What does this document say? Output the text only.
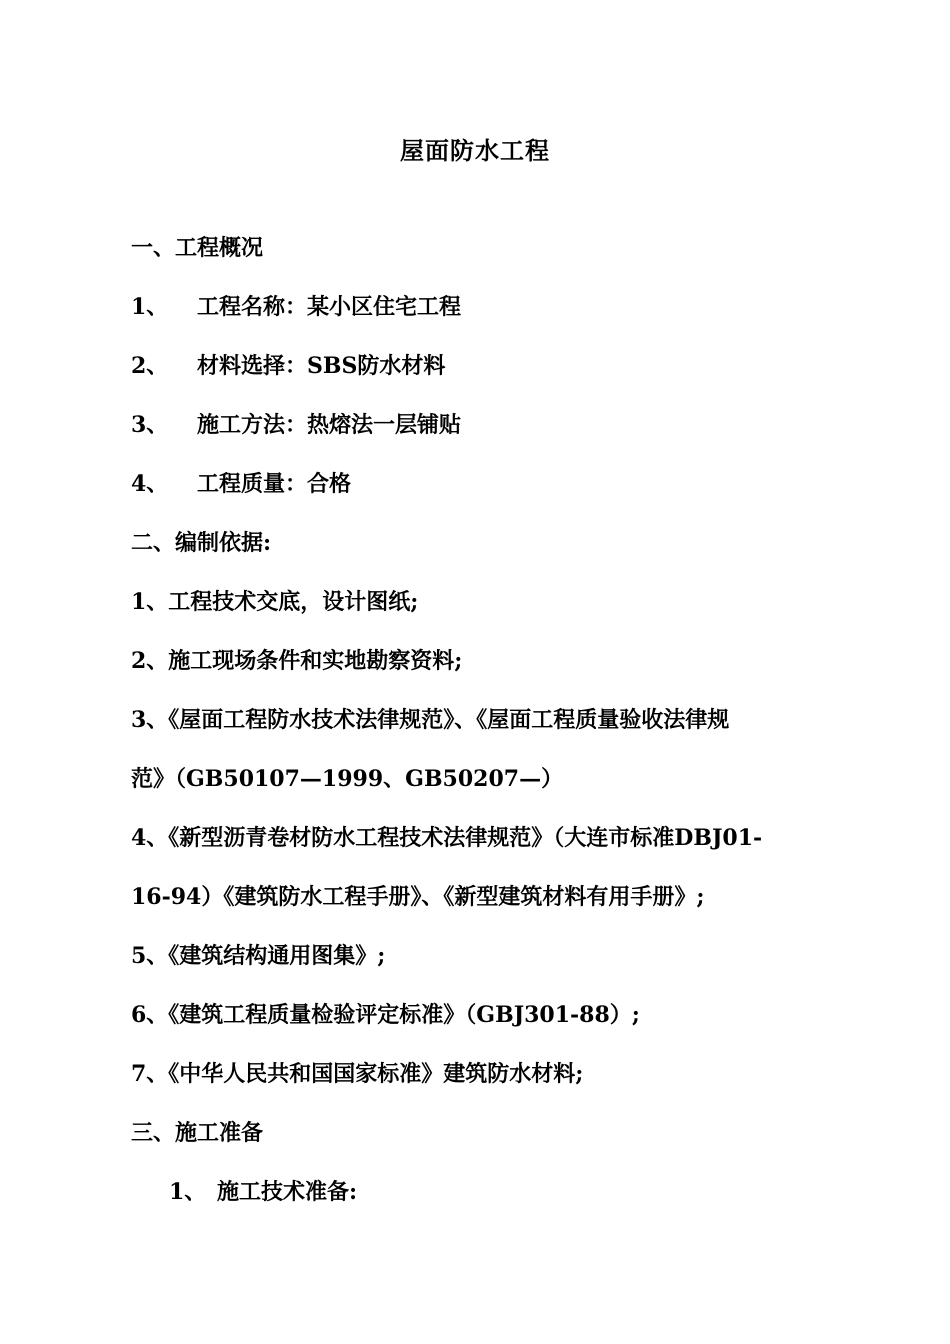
屋面防水工程
一、工程概况
1、 工程名称：某小区住宅工程
2、 材料选择：SBS防水材料
3、 施工方法：热熔法一层铺贴
4、 工程质量：合格
二、编制依据:
1、工程技术交底，设计图纸;
2、施工现场条件和实地勘察资料;
3、《屋面工程防水技术法律规范》、《屋面工程质量验收法律规
范》（GB50107—1999、GB50207—）
4、《新型沥青卷材防水工程技术法律规范》（大连市标准DBJ01-
16-94）《建筑防水工程手册》、《新型建筑材料有用手册》;
5、《建筑结构通用图集》;
6、《建筑工程质量检验评定标准》（GBJ301-88）;
7、《中华人民共和国国家标准》建筑防水材料;
三、施工准备
1、 施工技术准备:
